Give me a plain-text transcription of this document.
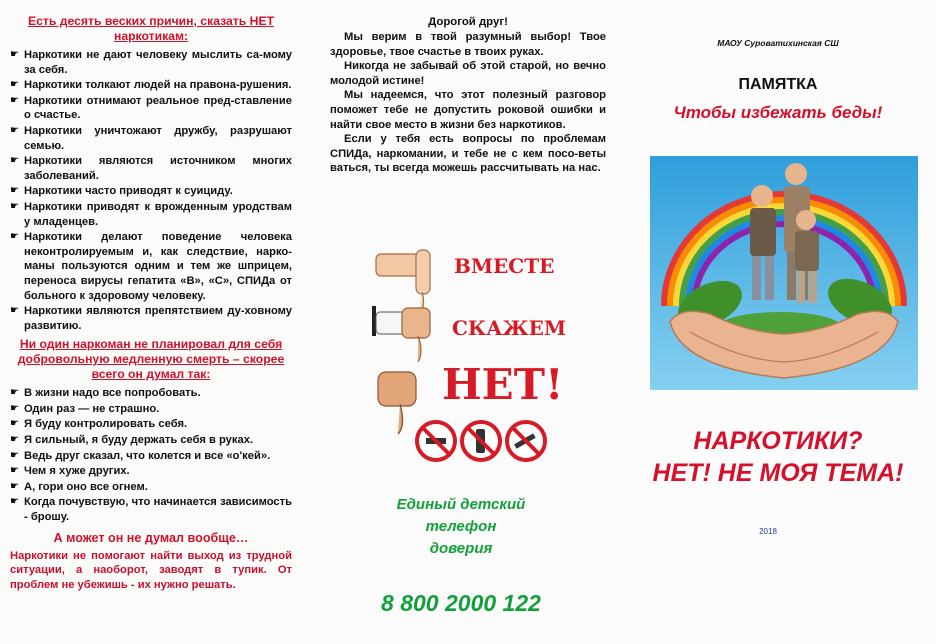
Есть десять веских причин, сказать НЕТ наркотикам:
☛ Наркотики не дают человеку мыслить са-мому за себя.
☛ Наркотики толкают людей на правона-рушения.
☛ Наркотики отнимают реальное пред-ставление о счастье.
☛ Наркотики уничтожают дружбу, разрушают семью.
☛ Наркотики являются источником многих заболеваний.
☛ Наркотики часто приводят к суициду.
☛ Наркотики приводят к врожденным уродствам у младенцев.
☛ Наркотики делают поведение человека неконтролируемым и, как следствие, нарко-маны пользуются одним и тем же шприцем, переноса вирусы гепатита «В», «С», СПИДа от больного к здоровому человеку.
☛ Наркотики являются препятствием ду-ховному развитию.
Ни один наркоман не планировал для себя добровольную медленную смерть – скорее всего он думал так:
☛ В жизни надо все попробовать.
☛ Один раз — не страшно.
☛ Я буду контролировать себя.
☛ Я сильный, я буду держать себя в руках.
☛ Ведь друг сказал, что колется и все «о'кей».
☛ Чем я хуже других.
☛ А, гори оно все огнем.
☛ Когда почувствую, что начинается зависимость - брошу.
А может он не думал вообще…
Наркотики не помогают найти выход из трудной ситуации, а наоборот, заводят в тупик. От проблем не убежишь - их нужно решать.
Дорогой друг!

Мы верим в твой разумный выбор! Твое здоровье, твое счастье в твоих руках.

Никогда не забывай об этой старой, но вечно молодой истине!

Мы надеемся, что этот полезный разговор поможет тебе не допустить роковой ошибки и найти свое место в жизни без наркотиков.

Если у тебя есть вопросы по проблемам СПИДа, наркомании, и тебе не с кем посо-веты ваться, ты всегда можешь рассчитывать на нас.

ВМЕСТЕ
СКАЖЕМ
НЕТ!
Единый детский
телефон
доверия
8 800 2000 122
МАОУ Суроватихинская СШ
ПАМЯТКА
Чтобы избежать беды!
НАРКОТИКИ?
НЕТ! НЕ МОЯ ТЕМА!
2018
